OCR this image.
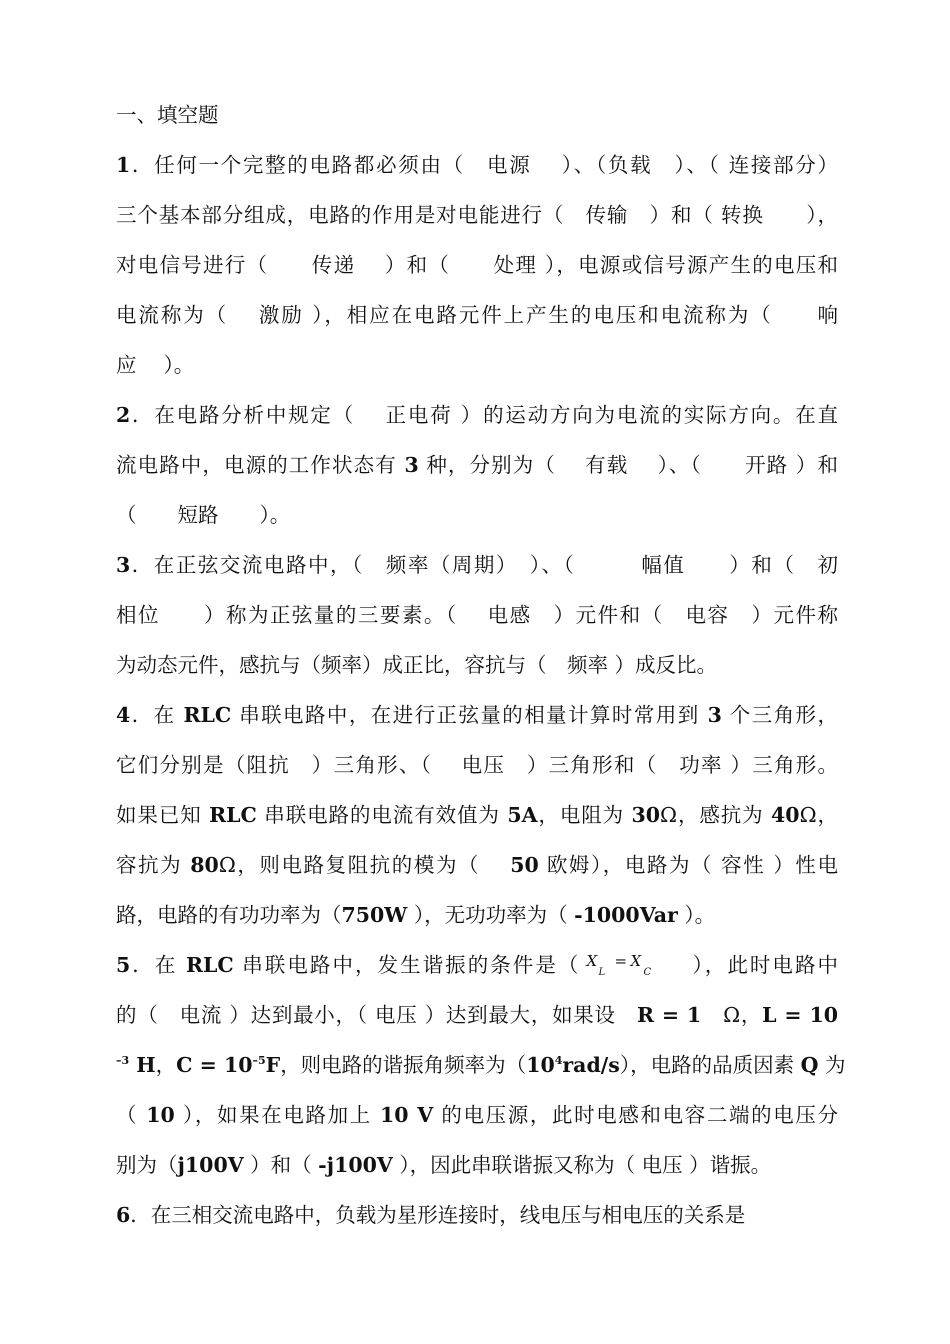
一、填空题
1．任何一个完整的电路都必须由（　电源　 ）、（负载　）、（ 连接部分）
三个基本部分组成，电路的作用是对电能进行（　传输　）和（ 转换　　），
对电信号进行（　　传递　 ）和（　　处理 ），电源或信号源产生的电压和
电流称为（　 激励 ），相应在电路元件上产生的电压和电流称为（　　响
应　 ）。
2．在电路分析中规定（　 正电荷 ）的运动方向为电流的实际方向。在直
流电路中，电源的工作状态有 3 种，分别为（　 有载　 ）、（　　开路 ）和
（　　短路　　）。
3．在正弦交流电路中，（　频率（周期）　）、（　　　幅值　　）和（　初
相位　　）称为正弦量的三要素。（　 电感　）元件和（　电容　）元件称
为动态元件，感抗与（频率）成正比，容抗与（　频率 ）成反比。
4．在 RLC 串联电路中，在进行正弦量的相量计算时常用到 3 个三角形，
它们分别是（阻抗　）三角形、（　 电压　）三角形和（　功率 ）三角形。
如果已知 RLC 串联电路的电流有效值为 5A，电阻为 30Ω，感抗为 40Ω，
容抗为 80Ω，则电路复阻抗的模为（　 50 欧姆），电路为（ 容性 ）性电
路，电路的有功功率为（750W ），无功功率为（ -1000Var ）。
5．在 RLC 串联电路中，发生谐振的条件是（ X
L
= X
C ），此时电路中
的（　电流 ）达到最小，（ 电压 ）达到最大，如果设　R = 1　Ω，L = 10
$^{-3}$ H，$C = 10^{-5}F$，则电路的谐振角频率为$(10^4rad/s)$，电路的品质因素 Q 为
（ 10 ），如果在电路加上 10 V 的电压源，此时电感和电容二端的电压分
别为（j100V ）和（ -j100V ），因此串联谐振又称为（ 电压 ）谐振。
6．在三相交流电路中，负载为星形连接时，线电压与相电压的关系是
